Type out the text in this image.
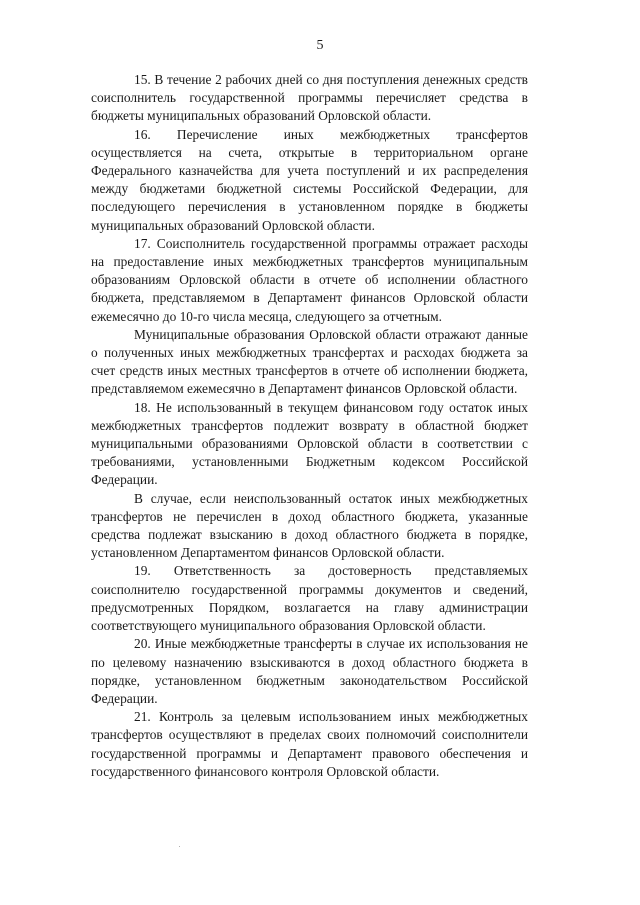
5

15. В течение 2 рабочих дней со дня поступления денежных средств соисполнитель государственной программы перечисляет средства в бюджеты муниципальных образований Орловской области.

16. Перечисление иных межбюджетных трансфертов осуществляется на счета, открытые в территориальном органе Федерального казначейства для учета поступлений и их распределения между бюджетами бюджетной системы Российской Федерации, для последующего перечисления в установленном порядке в бюджеты муниципальных образований Орловской области.

17. Соисполнитель государственной программы отражает расходы на предоставление иных межбюджетных трансфертов муниципальным образованиям Орловской области в отчете об исполнении областного бюджета, представляемом в Департамент финансов Орловской области ежемесячно до 10-го числа месяца, следующего за отчетным.

Муниципальные образования Орловской области отражают данные о полученных иных межбюджетных трансфертах и расходах бюджета за счет средств иных местных трансфертов в отчете об исполнении бюджета, представляемом ежемесячно в Департамент финансов Орловской области.

18. Не использованный в текущем финансовом году остаток иных межбюджетных трансфертов подлежит возврату в областной бюджет муниципальными образованиями Орловской области в соответствии с требованиями, установленными Бюджетным кодексом Российской Федерации.

В случае, если неиспользованный остаток иных межбюджетных трансфертов не перечислен в доход областного бюджета, указанные средства подлежат взысканию в доход областного бюджета в порядке, установленном Департаментом финансов Орловской области.

19. Ответственность за достоверность представляемых соисполнителю государственной программы документов и сведений, предусмотренных Порядком, возлагается на главу администрации соответствующего муниципального образования Орловской области.

20. Иные межбюджетные трансферты в случае их использования не по целевому назначению взыскиваются в доход областного бюджета в порядке, установленном бюджетным законодательством Российской Федерации.

21. Контроль за целевым использованием иных межбюджетных трансфертов осуществляют в пределах своих полномочий соисполнители государственной программы и Департамент правового обеспечения и государственного финансового контроля Орловской области.
